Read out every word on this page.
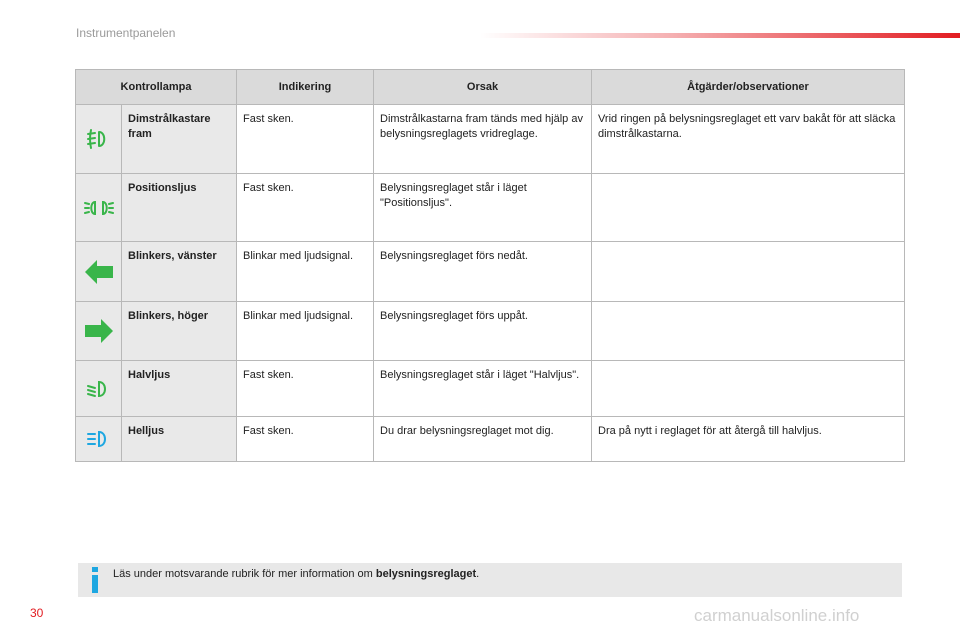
Instrumentpanelen
Kontrollampa		Indikering	Orsak	Åtgärder/observationer

	Dimstrålkastare fram	Fast sken.	Dimstrålkastarna fram tänds med hjälp av belysningsreglagets vridreglage.	Vrid ringen på belysningsreglaget ett varv bakåt för att släcka dimstrålkastarna.

	Positionsljus	Fast sken.	Belysningsreglaget står i läget "Positionsljus".	

	Blinkers, vänster	Blinkar med ljudsignal.	Belysningsreglaget förs nedåt.	

	Blinkers, höger	Blinkar med ljudsignal.	Belysningsreglaget förs uppåt.	

	Halvljus	Fast sken.	Belysningsreglaget står i läget "Halvljus".	

	Helljus	Fast sken.	Du drar belysningsreglaget mot dig.	Dra på nytt i reglaget för att återgå till halvljus.
Läs under motsvarande rubrik för mer information om belysningsreglaget.
30	carmanualsonline.info
